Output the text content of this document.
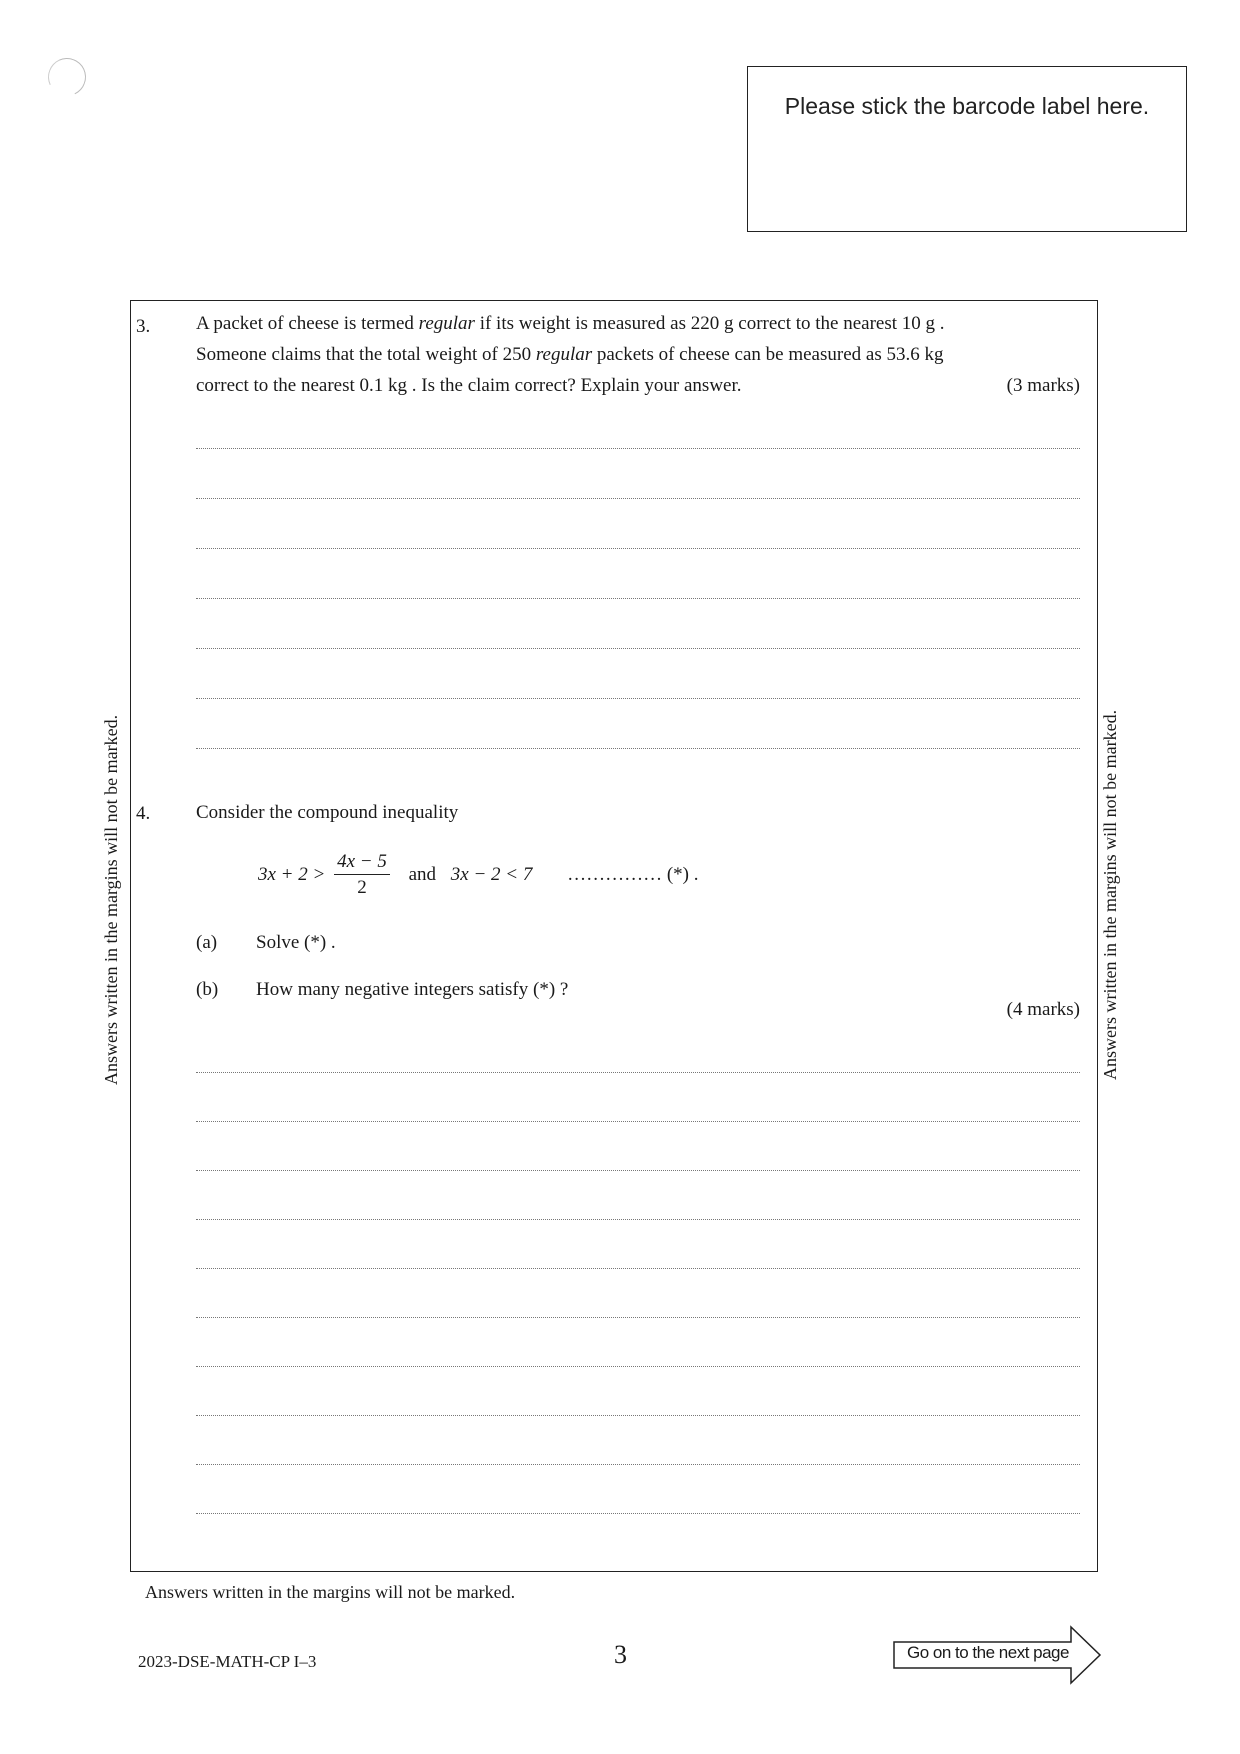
Please stick the barcode label here.
Answers written in the margins will not be marked.	Answers written in the margins will not be marked.
3. A packet of cheese is termed regular if its weight is measured as 220 g correct to the nearest 10 g .
Someone claims that the total weight of 250 regular packets of cheese can be measured as 53.6 kg
correct to the nearest 0.1 kg . Is the claim correct? Explain your answer.	(3 marks)
4. Consider the compound inequality
$3x + 2 > \frac{4x - 5}{2}$ and 3x − 2 < 7 …………… (*) .
(a) Solve (*) .
(b) How many negative integers satisfy (*) ?
(4 marks)
Answers written in the margins will not be marked.
2023-DSE-MATH-CP I–3	3	Go on to the next page
